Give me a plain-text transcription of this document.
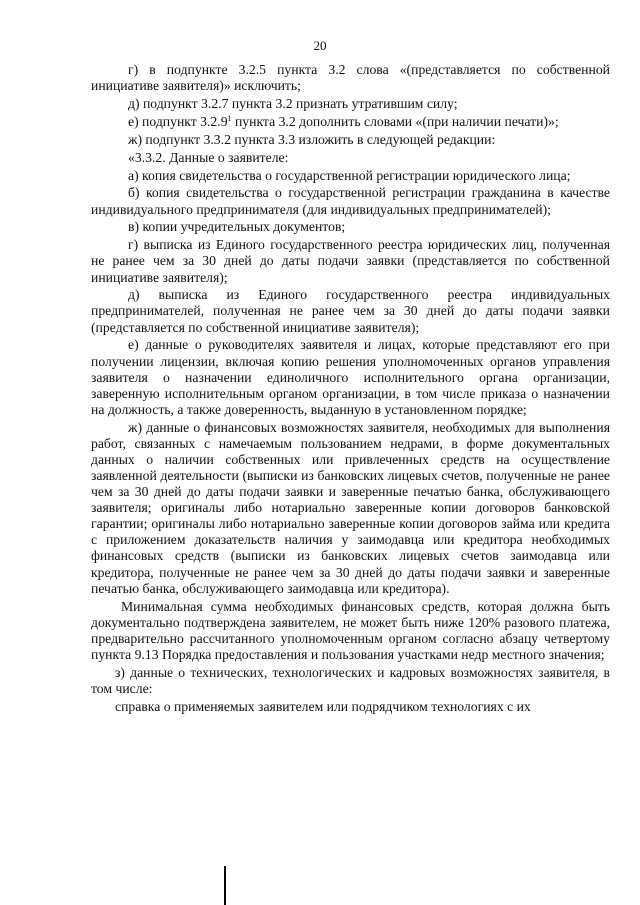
20

г) в подпункте 3.2.5 пункта 3.2 слова «(представляется по собственной инициативе заявителя)» исключить;

д) подпункт 3.2.7 пункта 3.2 признать утратившим силу;

е) подпункт 3.2.9$^1$ пункта 3.2 дополнить словами «(при наличии печати)»;

ж) подпункт 3.3.2 пункта 3.3 изложить в следующей редакции:

«3.3.2. Данные о заявителе:

а) копия свидетельства о государственной регистрации юридического лица;

б) копия свидетельства о государственной регистрации гражданина в качестве индивидуального предпринимателя (для индивидуальных предпринимателей);

в) копии учредительных документов;

г) выписка из Единого государственного реестра юридических лиц, полученная не ранее чем за 30 дней до даты подачи заявки (представляется по собственной инициативе заявителя);

д) выписка из Единого государственного реестра индивидуальных предпринимателей, полученная не ранее чем за 30 дней до даты подачи заявки (представляется по собственной инициативе заявителя);

е) данные о руководителях заявителя и лицах, которые представляют его при получении лицензии, включая копию решения уполномоченных органов управления заявителя о назначении единоличного исполнительного органа организации, заверенную исполнительным органом организации, в том числе приказа о назначении на должность, а также доверенность, выданную в установленном порядке;

ж) данные о финансовых возможностях заявителя, необходимых для выполнения работ, связанных с намечаемым пользованием недрами, в форме документальных данных о наличии собственных или привлеченных средств на осуществление заявленной деятельности (выписки из банковских лицевых счетов, полученные не ранее чем за 30 дней до даты подачи заявки и заверенные печатью банка, обслуживающего заявителя; оригиналы либо нотариально заверенные копии договоров банковской гарантии; оригиналы либо нотариально заверенные копии договоров займа или кредита с приложением доказательств наличия у заимодавца или кредитора необходимых финансовых средств (выписки из банковских лицевых счетов заимодавца или кредитора, полученные не ранее чем за 30 дней до даты подачи заявки и заверенные печатью банка, обслуживающего заимодавца или кредитора).

Минимальная сумма необходимых финансовых средств, которая должна быть документально подтверждена заявителем, не может быть ниже 120% разового платежа, предварительно рассчитанного уполномоченным органом согласно абзацу четвертому пункта 9.13 Порядка предоставления и пользования участками недр местного значения;

з) данные о технических, технологических и кадровых возможностях заявителя, в том числе:

справка о применяемых заявителем или подрядчиком технологиях с их
